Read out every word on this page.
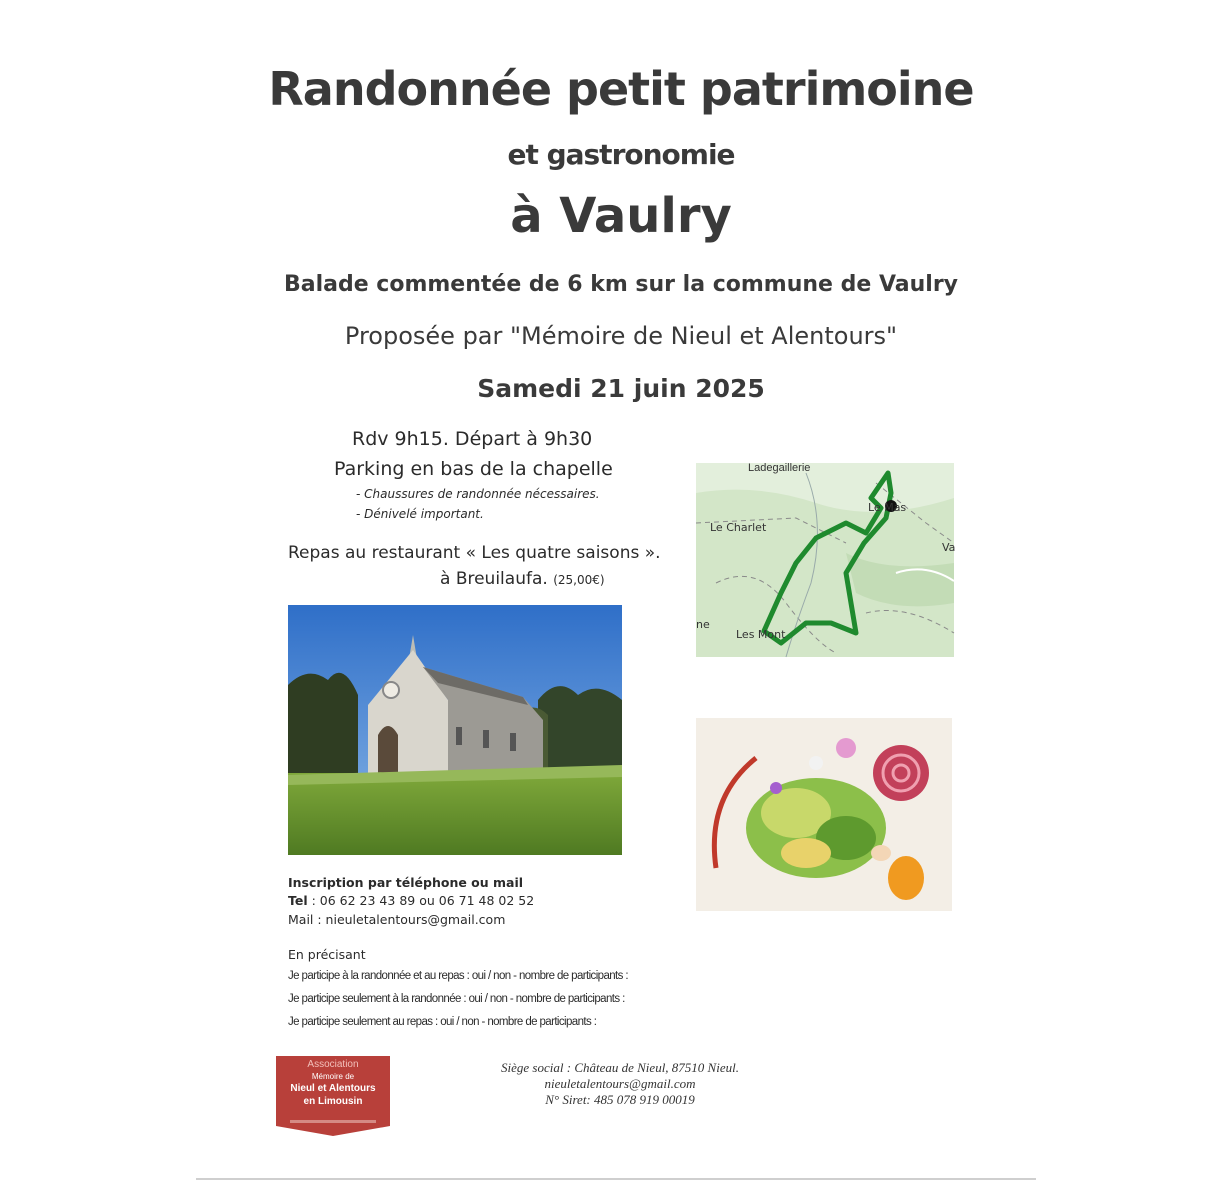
Randonnée petit patrimoine
et gastronomie
à Vaulry
Balade commentée de 6 km sur la commune de Vaulry
Proposée par "Mémoire de Nieul et Alentours"
Samedi 21 juin 2025
Rdv 9h15. Départ à 9h30
Parking en bas de la chapelle
- Chaussures de randonnée nécessaires.
- Dénivelé important.
Repas au restaurant « Les quatre saisons ».
à Breuilaufa. (25,00€)
Ladegaillerie
Le Charlet
Le Mas
Va
ne
Les Mont
Inscription par téléphone ou mail
Tel : 06 62 23 43 89 ou 06 71 48 02 52
Mail : nieuletalentours@gmail.com
En précisant
Je participe à la randonnée et au repas : oui / non - nombre de participants :
Je participe seulement à la randonnée : oui / non - nombre de participants :
Je participe seulement au repas : oui / non - nombre de participants :
Association
Mémoire de
Nieul et Alentours
en Limousin
Siège social : Château de Nieul, 87510 Nieul.
nieuletalentours@gmail.com
N° Siret: 485 078 919 00019
